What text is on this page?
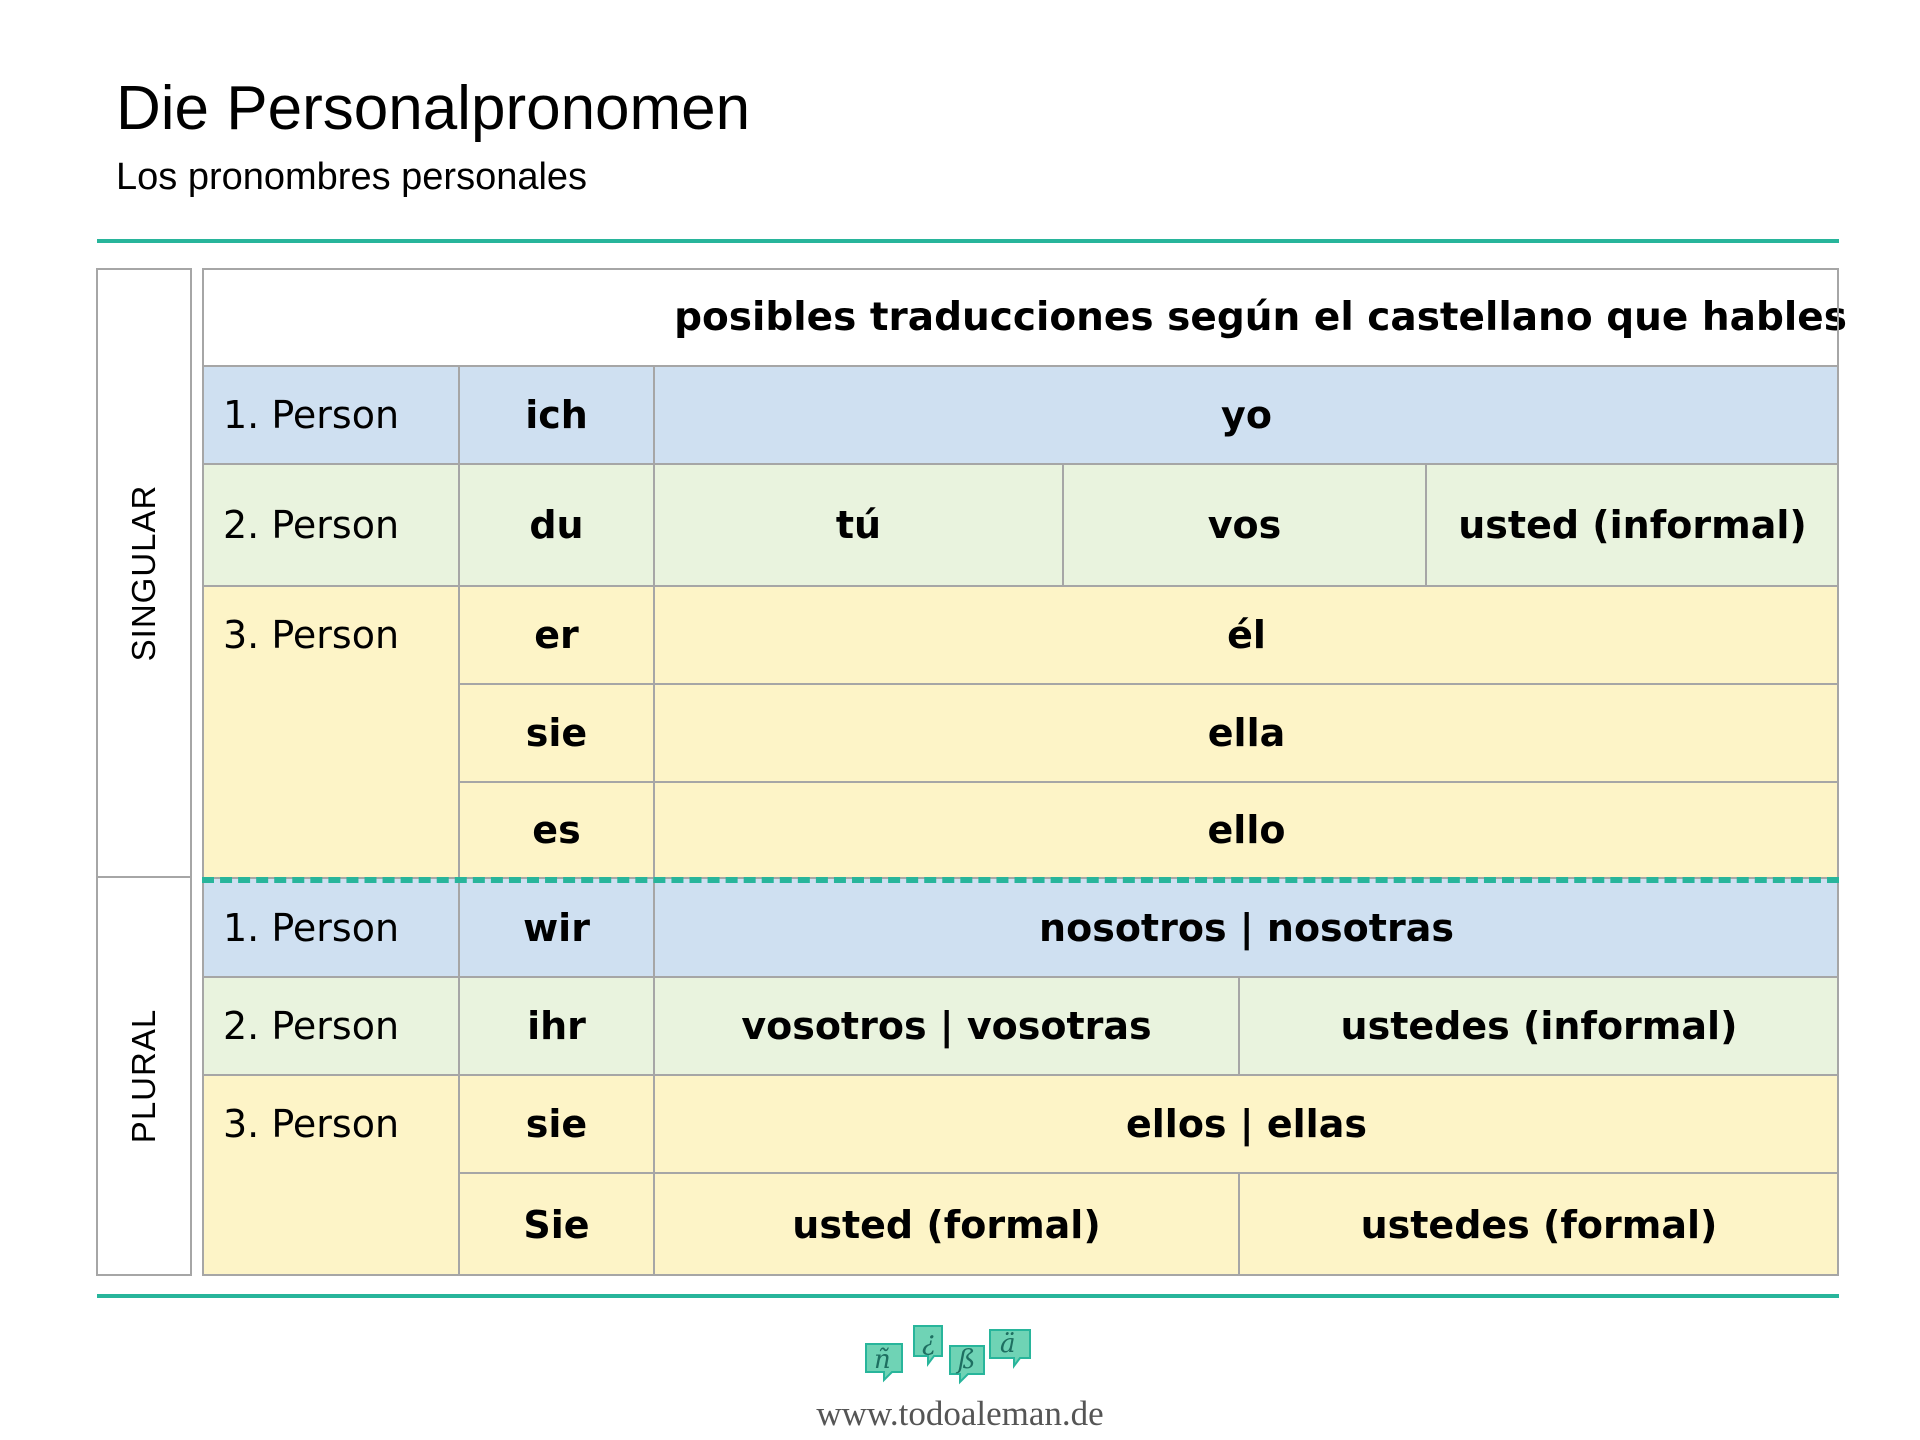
Die Personalpronomen
Los pronombres personales
SINGULAR
PLURAL
posibles traducciones según el castellano que hables
1. Person	ich	yo
2. Person	du	tú	vos	usted (informal)
3. Person	er	él
sie	ella
es	ello
1. Person	wir	nosotros | nosotras
2. Person	ihr	vosotros | vosotras	ustedes (informal)
3. Person	sie	ellos | ellas
Sie	usted (formal)	ustedes (formal)
ñ
¿
ß
ä
www.todoaleman.de
